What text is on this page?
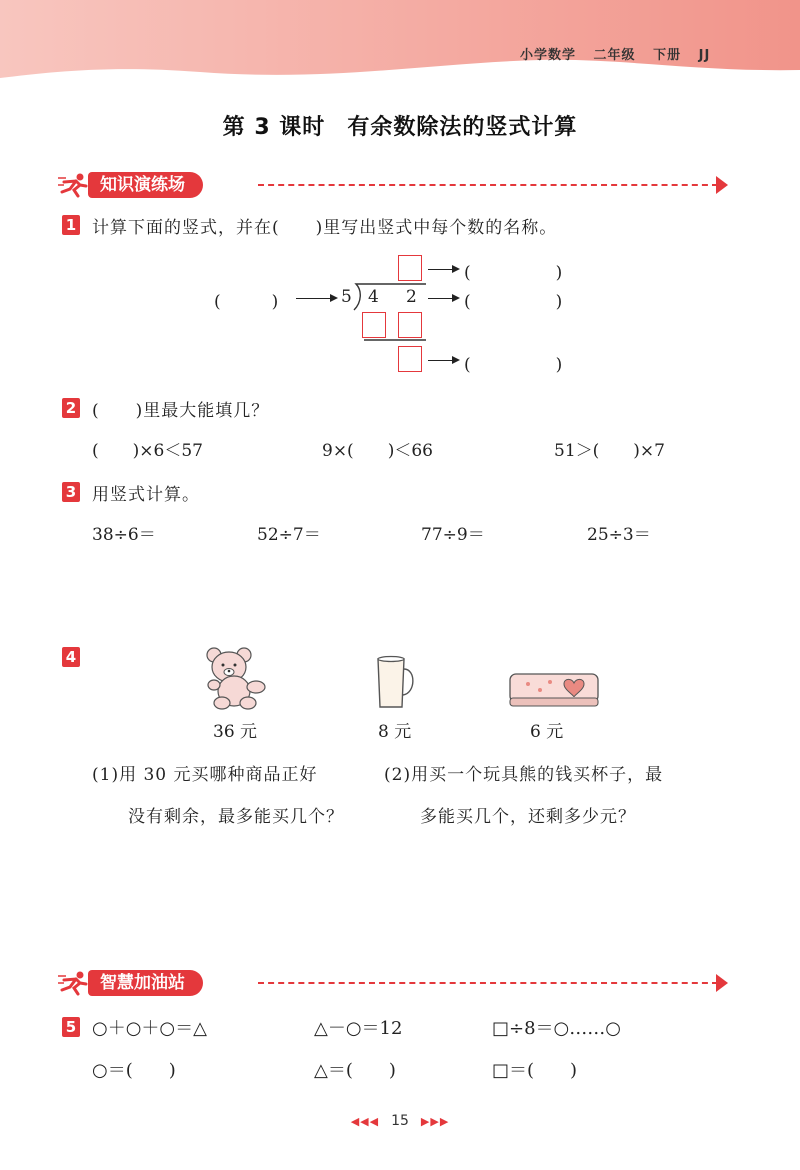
小学数学 二年级 下册 JJ
第 3 课时 有余数除法的竖式计算
知识演练场
1 计算下面的竖式，并在(　　)里写出竖式中每个数的名称。
(　　　)	5 4 2
(　　　　　)
(　　　　　)
(　　　　　)
2 (　　)里最大能填几？
(　　)×6＜57	9×(　　)＜66	51＞(　　)×7
3 用竖式计算。
38÷6＝	52÷7＝	77÷9＝	25÷3＝
4
36 元	8 元	6 元
(1)用 30 元买哪种商品正好
没有剩余，最多能买几个？
(2)用买一个玩具熊的钱买杯子，最
多能买几个，还剩多少元？
智慧加油站
5 ○＋○＋○＝△	△－○＝12	□÷8＝○……○
○＝(　　)	△＝(　　)	□＝(　　)
◀◀◀ 15 ▶▶▶
